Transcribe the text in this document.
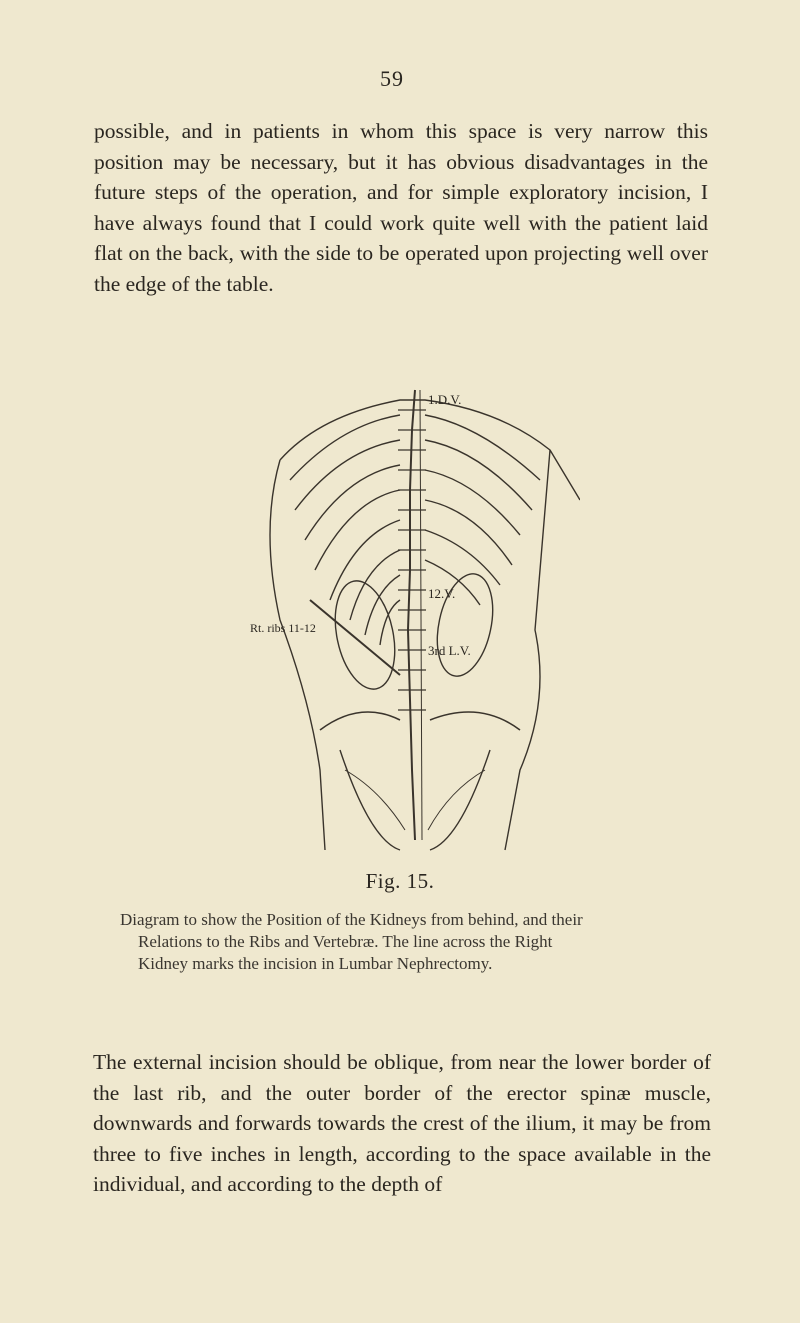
59

possible, and in patients in whom this space is very narrow this position may be necessary, but it has obvious disadvantages in the future steps of the operation, and for simple exploratory incision, I have always found that I could work quite well with the patient laid flat on the back, with the side to be operated upon projecting well over the edge of the table.

1.D.V.
12.V.
3rd L.V.
Rt. ribs 11-12
Fig. 15.
Diagram to show the Position of the Kidneys from behind, and their
Relations to the Ribs and Vertebræ. The line across the Right
Kidney marks the incision in Lumbar Nephrectomy.

The external incision should be oblique, from near the lower border of the last rib, and the outer border of the erector spinæ muscle, downwards and forwards towards the crest of the ilium, it may be from three to five inches in length, according to the space available in the individual, and according to the depth of
